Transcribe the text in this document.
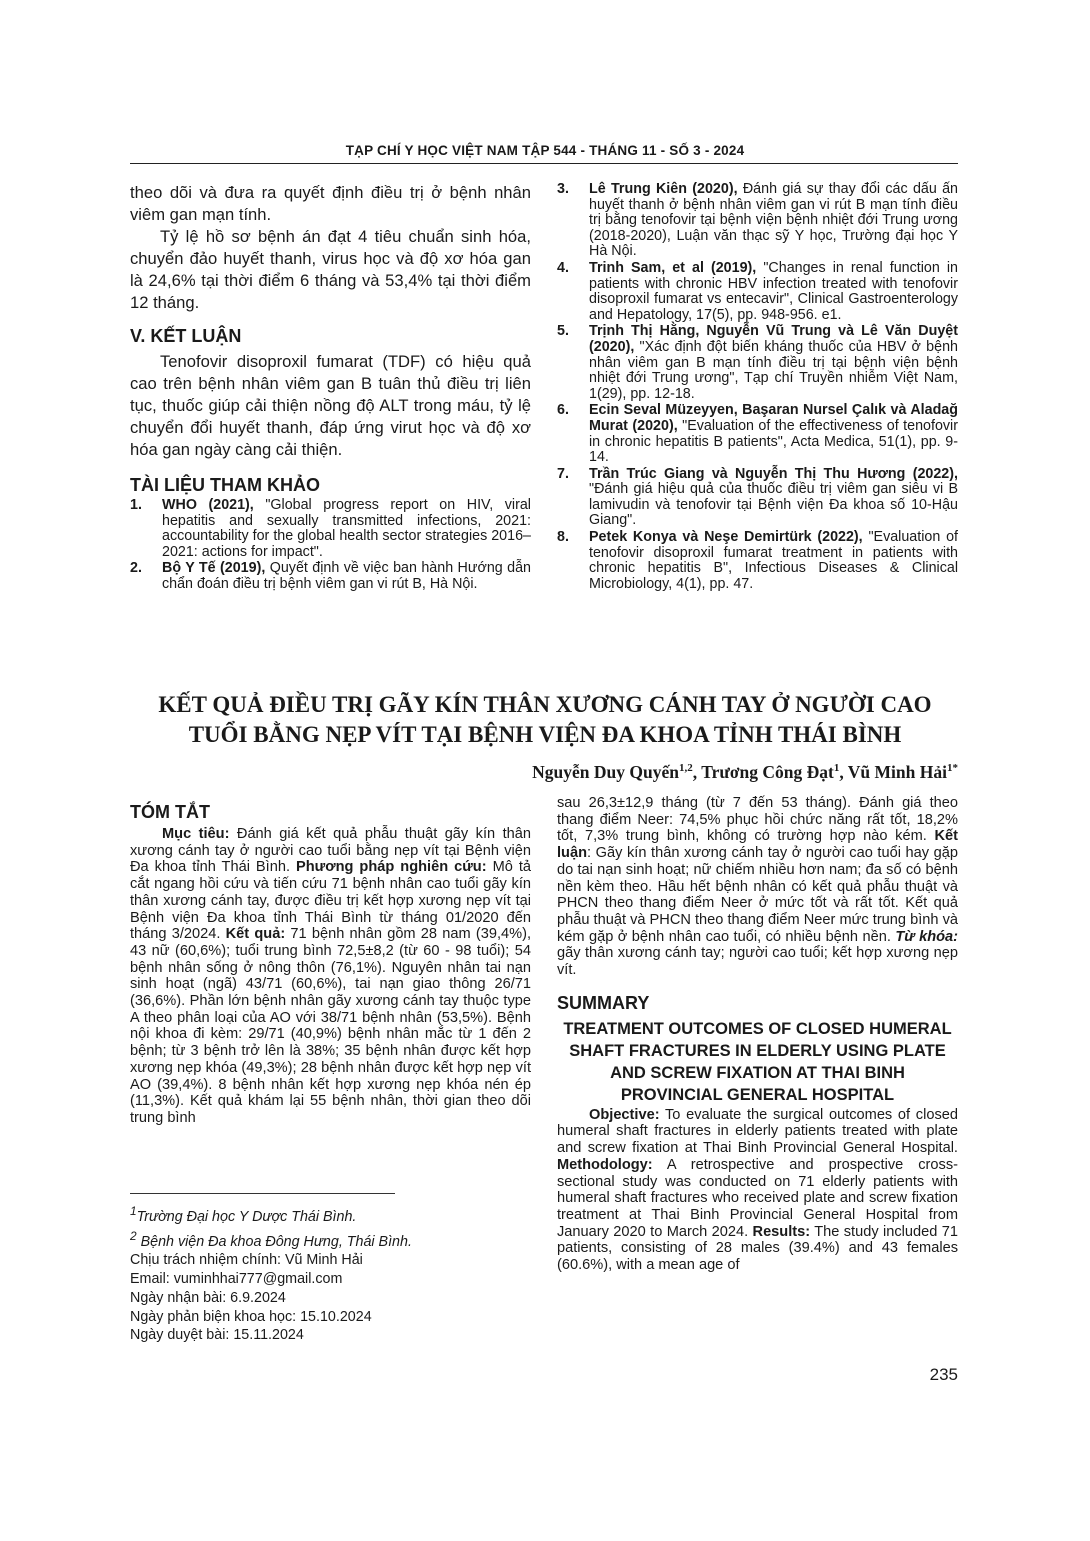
TẠP CHÍ Y HỌC VIỆT NAM TẬP 544 - THÁNG 11 - SỐ 3 - 2024

theo dõi và đưa ra quyết định điều trị ở bệnh nhân viêm gan mạn tính.

Tỷ lệ hồ sơ bệnh án đạt 4 tiêu chuẩn sinh hóa, chuyển đảo huyết thanh, virus học và độ xơ hóa gan là 24,6% tại thời điểm 6 tháng và 53,4% tại thời điểm 12 tháng.

V. KẾT LUẬN

Tenofovir disoproxil fumarat (TDF) có hiệu quả cao trên bệnh nhân viêm gan B tuân thủ điều trị liên tục, thuốc giúp cải thiện nồng độ ALT trong máu, tỷ lệ chuyển đổi huyết thanh, đáp ứng virut học và độ xơ hóa gan ngày càng cải thiện.

TÀI LIỆU THAM KHẢO

1. WHO (2021), "Global progress report on HIV, viral hepatitis and sexually transmitted infections, 2021: accountability for the global health sector strategies 2016–2021: actions for impact".
2. Bộ Y Tế (2019), Quyết định về việc ban hành Hướng dẫn chẩn đoán điều trị bệnh viêm gan vi rút B, Hà Nội.
3. Lê Trung Kiên (2020), Đánh giá sự thay đổi các dấu ấn huyết thanh ở bệnh nhân viêm gan vi rút B mạn tính điều trị bằng tenofovir tại bệnh viện bệnh nhiệt đới Trung ương (2018-2020), Luận văn thạc sỹ Y học, Trường đại học Y Hà Nội.
4. Trinh Sam, et al (2019), "Changes in renal function in patients with chronic HBV infection treated with tenofovir disoproxil fumarat vs entecavir", Clinical Gastroenterology and Hepatology, 17(5), pp. 948-956. e1.
5. Trịnh Thị Hằng, Nguyễn Vũ Trung và Lê Văn Duyệt (2020), "Xác định đột biến kháng thuốc của HBV ở bệnh nhân viêm gan B mạn tính điều trị tại bệnh viện bệnh nhiệt đới Trung ương", Tạp chí Truyền nhiễm Việt Nam, 1(29), pp. 12-18.
6. Ecin Seval Müzeyyen, Başaran Nursel Çalık và Aladağ Murat (2020), "Evaluation of the effectiveness of tenofovir in chronic hepatitis B patients", Acta Medica, 51(1), pp. 9-14.
7. Trần Trúc Giang và Nguyễn Thị Thu Hương (2022), "Đánh giá hiệu quả của thuốc điều trị viêm gan siêu vi B lamivudin và tenofovir tại Bệnh viện Đa khoa số 10-Hậu Giang".
8. Petek Konya và Neşe Demirtürk (2022), "Evaluation of tenofovir disoproxil fumarat treatment in patients with chronic hepatitis B", Infectious Diseases & Clinical Microbiology, 4(1), pp. 47.
KẾT QUẢ ĐIỀU TRỊ GÃY KÍN THÂN XƯƠNG CÁNH TAY Ở NGƯỜI CAO
TUỔI BẰNG NẸP VÍT TẠI BỆNH VIỆN ĐA KHOA TỈNH THÁI BÌNH
Nguyễn Duy Quyến$^{1,2}$, Trương Công Đạt$^1$, Vũ Minh Hải$^{1*}$

TÓM TẮT

Mục tiêu: Đánh giá kết quả phẫu thuật gãy kín thân xương cánh tay ở người cao tuổi bằng nẹp vít tại Bệnh viện Đa khoa tỉnh Thái Bình. Phương pháp nghiên cứu: Mô tả cắt ngang hồi cứu và tiến cứu 71 bệnh nhân cao tuổi gãy kín thân xương cánh tay, được điều trị kết hợp xương nẹp vít tại Bệnh viện Đa khoa tỉnh Thái Bình từ tháng 01/2020 đến tháng 3/2024. Kết quả: 71 bệnh nhân gồm 28 nam (39,4%), 43 nữ (60,6%); tuổi trung bình 72,5±8,2 (từ 60 - 98 tuổi); 54 bệnh nhân sống ở nông thôn (76,1%). Nguyên nhân tai nạn sinh hoạt (ngã) 43/71 (60,6%), tai nạn giao thông 26/71 (36,6%). Phần lớn bệnh nhân gãy xương cánh tay thuộc type A theo phân loại của AO với 38/71 bệnh nhân (53,5%). Bệnh nội khoa đi kèm: 29/71 (40,9%) bệnh nhân mắc từ 1 đến 2 bệnh; từ 3 bệnh trở lên là 38%; 35 bệnh nhân được kết hợp xương nẹp khóa (49,3%); 28 bệnh nhân được kết hợp nẹp vít AO (39,4%). 8 bệnh nhân kết hợp xương nẹp khóa nén ép (11,3%). Kết quả khám lại 55 bệnh nhân, thời gian theo dõi trung bình

$^1$Trường Đại học Y Dược Thái Bình.
$^2$ Bệnh viện Đa khoa Đông Hưng, Thái Bình.
Chịu trách nhiệm chính: Vũ Minh Hải
Email: vuminhhai777@gmail.com
Ngày nhận bài: 6.9.2024
Ngày phản biện khoa học: 15.10.2024
Ngày duyệt bài: 15.11.2024

sau 26,3±12,9 tháng (từ 7 đến 53 tháng). Đánh giá theo thang điểm Neer: 74,5% phục hồi chức năng rất tốt, 18,2% tốt, 7,3% trung bình, không có trường hợp nào kém. Kết luận: Gãy kín thân xương cánh tay ở người cao tuổi hay gặp do tai nạn sinh hoạt; nữ chiếm nhiều hơn nam; đa số có bệnh nền kèm theo. Hầu hết bệnh nhân có kết quả phẫu thuật và PHCN theo thang điểm Neer ở mức tốt và rất tốt. Kết quả phẫu thuật và PHCN theo thang điểm Neer mức trung bình và kém gặp ở bệnh nhân cao tuổi, có nhiều bệnh nền. Từ khóa: gãy thân xương cánh tay; người cao tuổi; kết hợp xương nẹp vít.

SUMMARY

TREATMENT OUTCOMES OF CLOSED HUMERAL SHAFT FRACTURES IN ELDERLY USING PLATE AND SCREW FIXATION AT THAI BINH PROVINCIAL GENERAL HOSPITAL

Objective: To evaluate the surgical outcomes of closed humeral shaft fractures in elderly patients treated with plate and screw fixation at Thai Binh Provincial General Hospital. Methodology: A retrospective and prospective cross-sectional study was conducted on 71 elderly patients with humeral shaft fractures who received plate and screw fixation treatment at Thai Binh Provincial General Hospital from January 2020 to March 2024. Results: The study included 71 patients, consisting of 28 males (39.4%) and 43 females (60.6%), with a mean age of

235
